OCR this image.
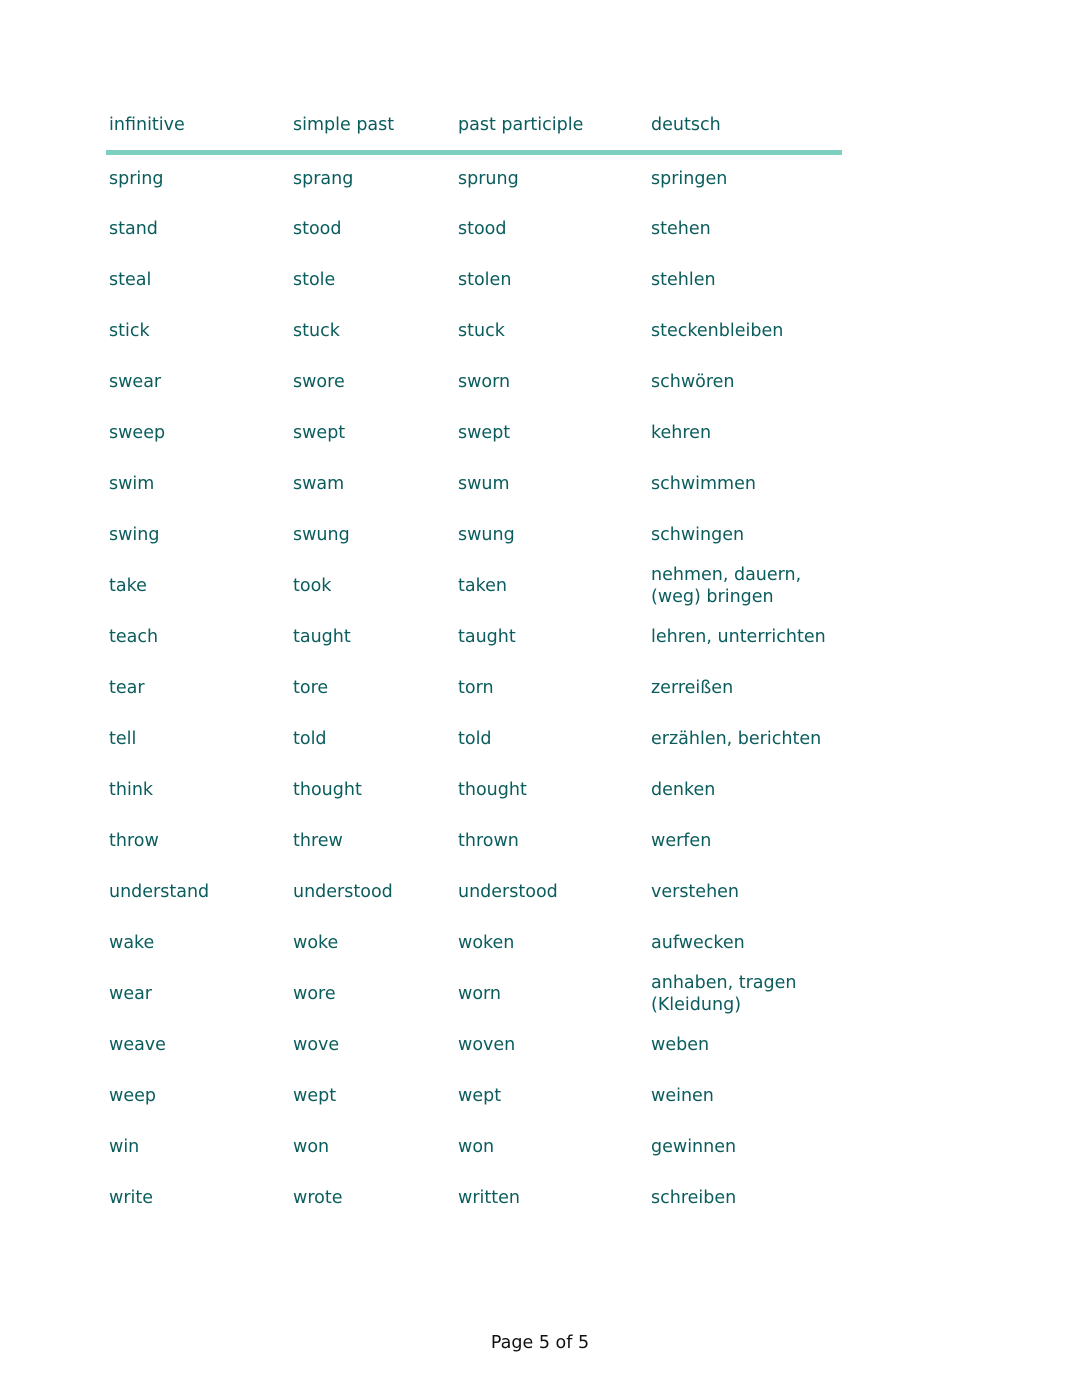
infinitive	simple past	past participle	deutsch
spring	sprang	sprung	springen
stand	stood	stood	stehen
steal	stole	stolen	stehlen
stick	stuck	stuck	steckenbleiben
swear	swore	sworn	schwören
sweep	swept	swept	kehren
swim	swam	swum	schwimmen
swing	swung	swung	schwingen
take	took	taken	nehmen, dauern, (weg) bringen
teach	taught	taught	lehren, unterrichten
tear	tore	torn	zerreißen
tell	told	told	erzählen, berichten
think	thought	thought	denken
throw	threw	thrown	werfen
understand	understood	understood	verstehen
wake	woke	woken	aufwecken
wear	wore	worn	anhaben, tragen (Kleidung)
weave	wove	woven	weben
weep	wept	wept	weinen
win	won	won	gewinnen
write	wrote	written	schreiben
Page 5 of 5
